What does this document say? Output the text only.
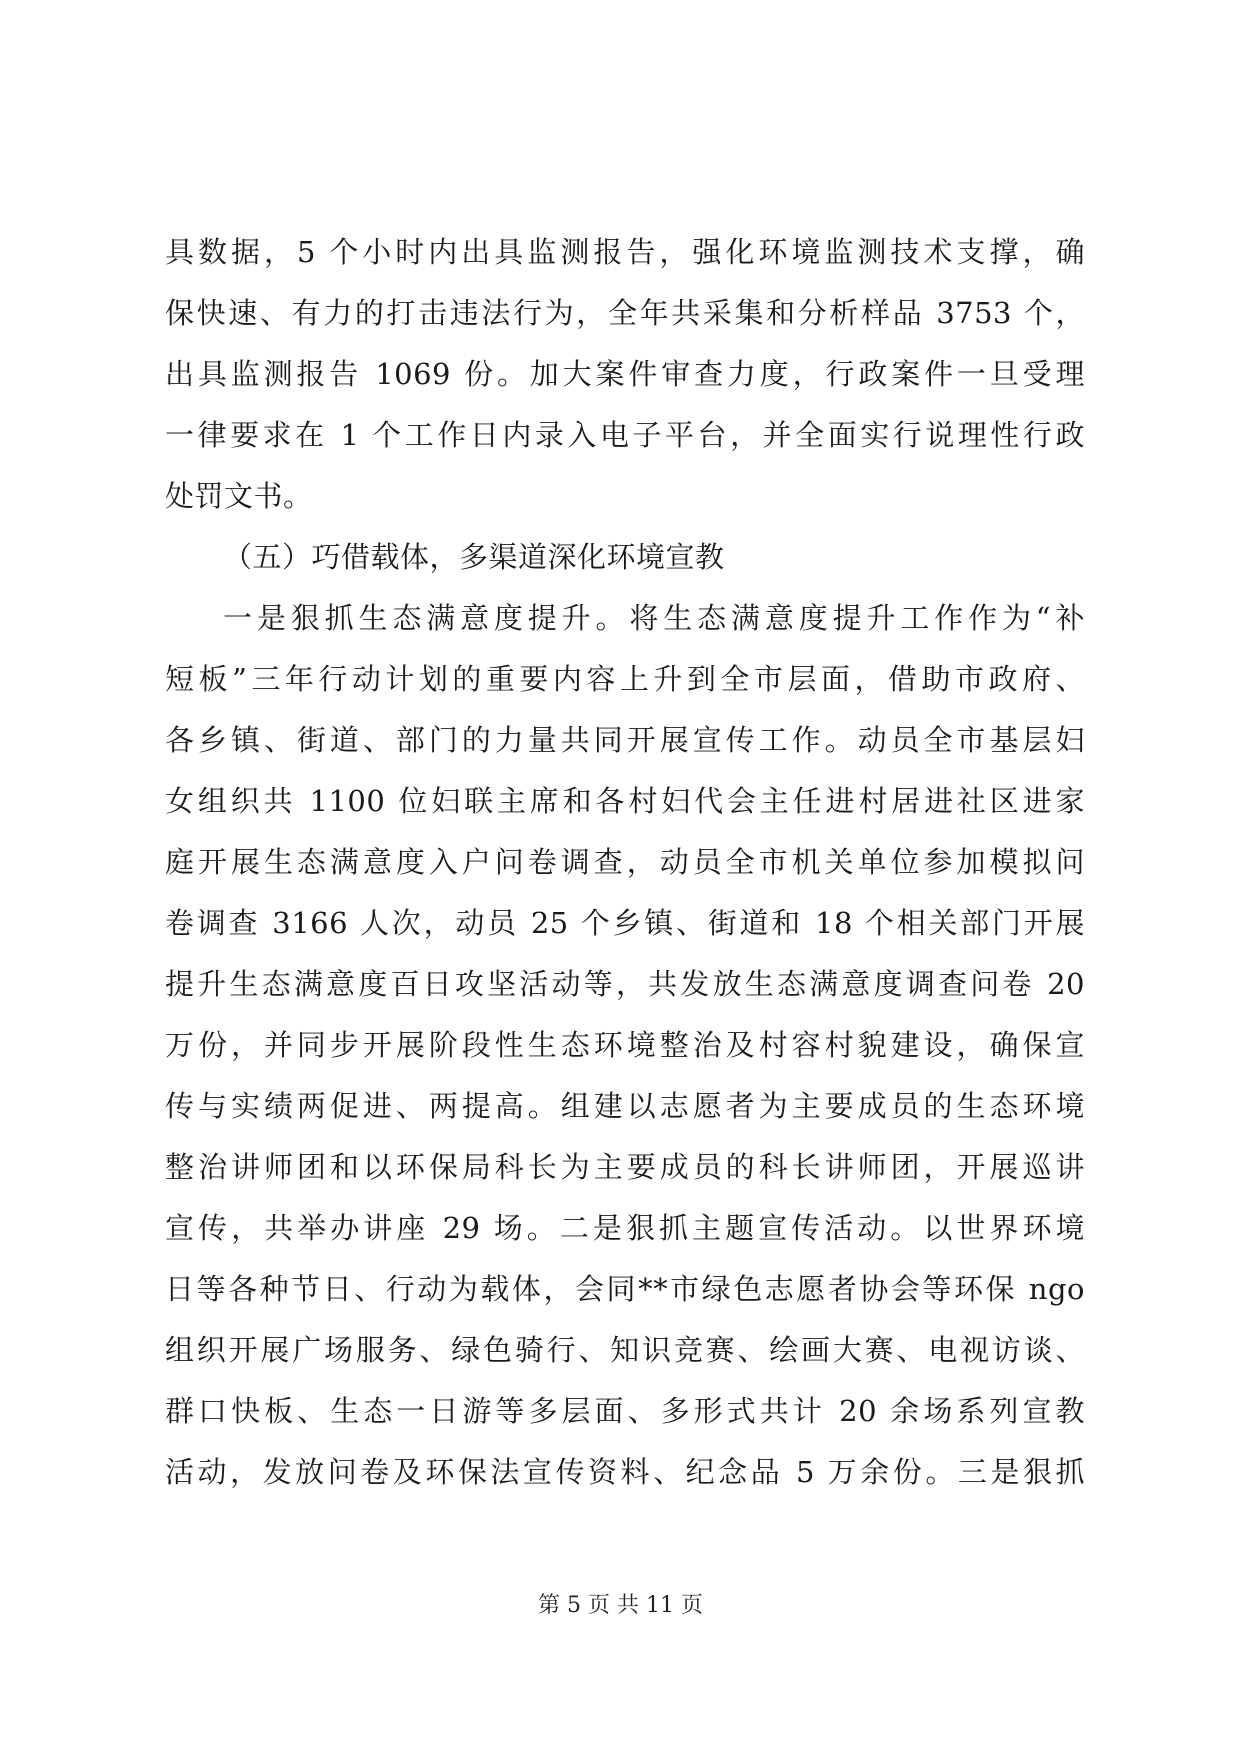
具数据，5 个小时内出具监测报告，强化环境监测技术支撑，确
保快速、有力的打击违法行为，全年共采集和分析样品 3753 个，
出具监测报告 1069 份。加大案件审查力度，行政案件一旦受理
一律要求在 1 个工作日内录入电子平台，并全面实行说理性行政
处罚文书。
（五）巧借载体，多渠道深化环境宣教
一是狠抓生态满意度提升。将生态满意度提升工作作为“补
短板”三年行动计划的重要内容上升到全市层面，借助市政府、
各乡镇、街道、部门的力量共同开展宣传工作。动员全市基层妇
女组织共 1100 位妇联主席和各村妇代会主任进村居进社区进家
庭开展生态满意度入户问卷调查，动员全市机关单位参加模拟问
卷调查 3166 人次，动员 25 个乡镇、街道和 18 个相关部门开展
提升生态满意度百日攻坚活动等，共发放生态满意度调查问卷 20
万份，并同步开展阶段性生态环境整治及村容村貌建设，确保宣
传与实绩两促进、两提高。组建以志愿者为主要成员的生态环境
整治讲师团和以环保局科长为主要成员的科长讲师团，开展巡讲
宣传，共举办讲座 29 场。二是狠抓主题宣传活动。以世界环境
日等各种节日、行动为载体，会同**市绿色志愿者协会等环保 ngo
组织开展广场服务、绿色骑行、知识竞赛、绘画大赛、电视访谈、
群口快板、生态一日游等多层面、多形式共计 20 余场系列宣教
活动，发放问卷及环保法宣传资料、纪念品 5 万余份。三是狠抓
第 5 页 共 11 页
